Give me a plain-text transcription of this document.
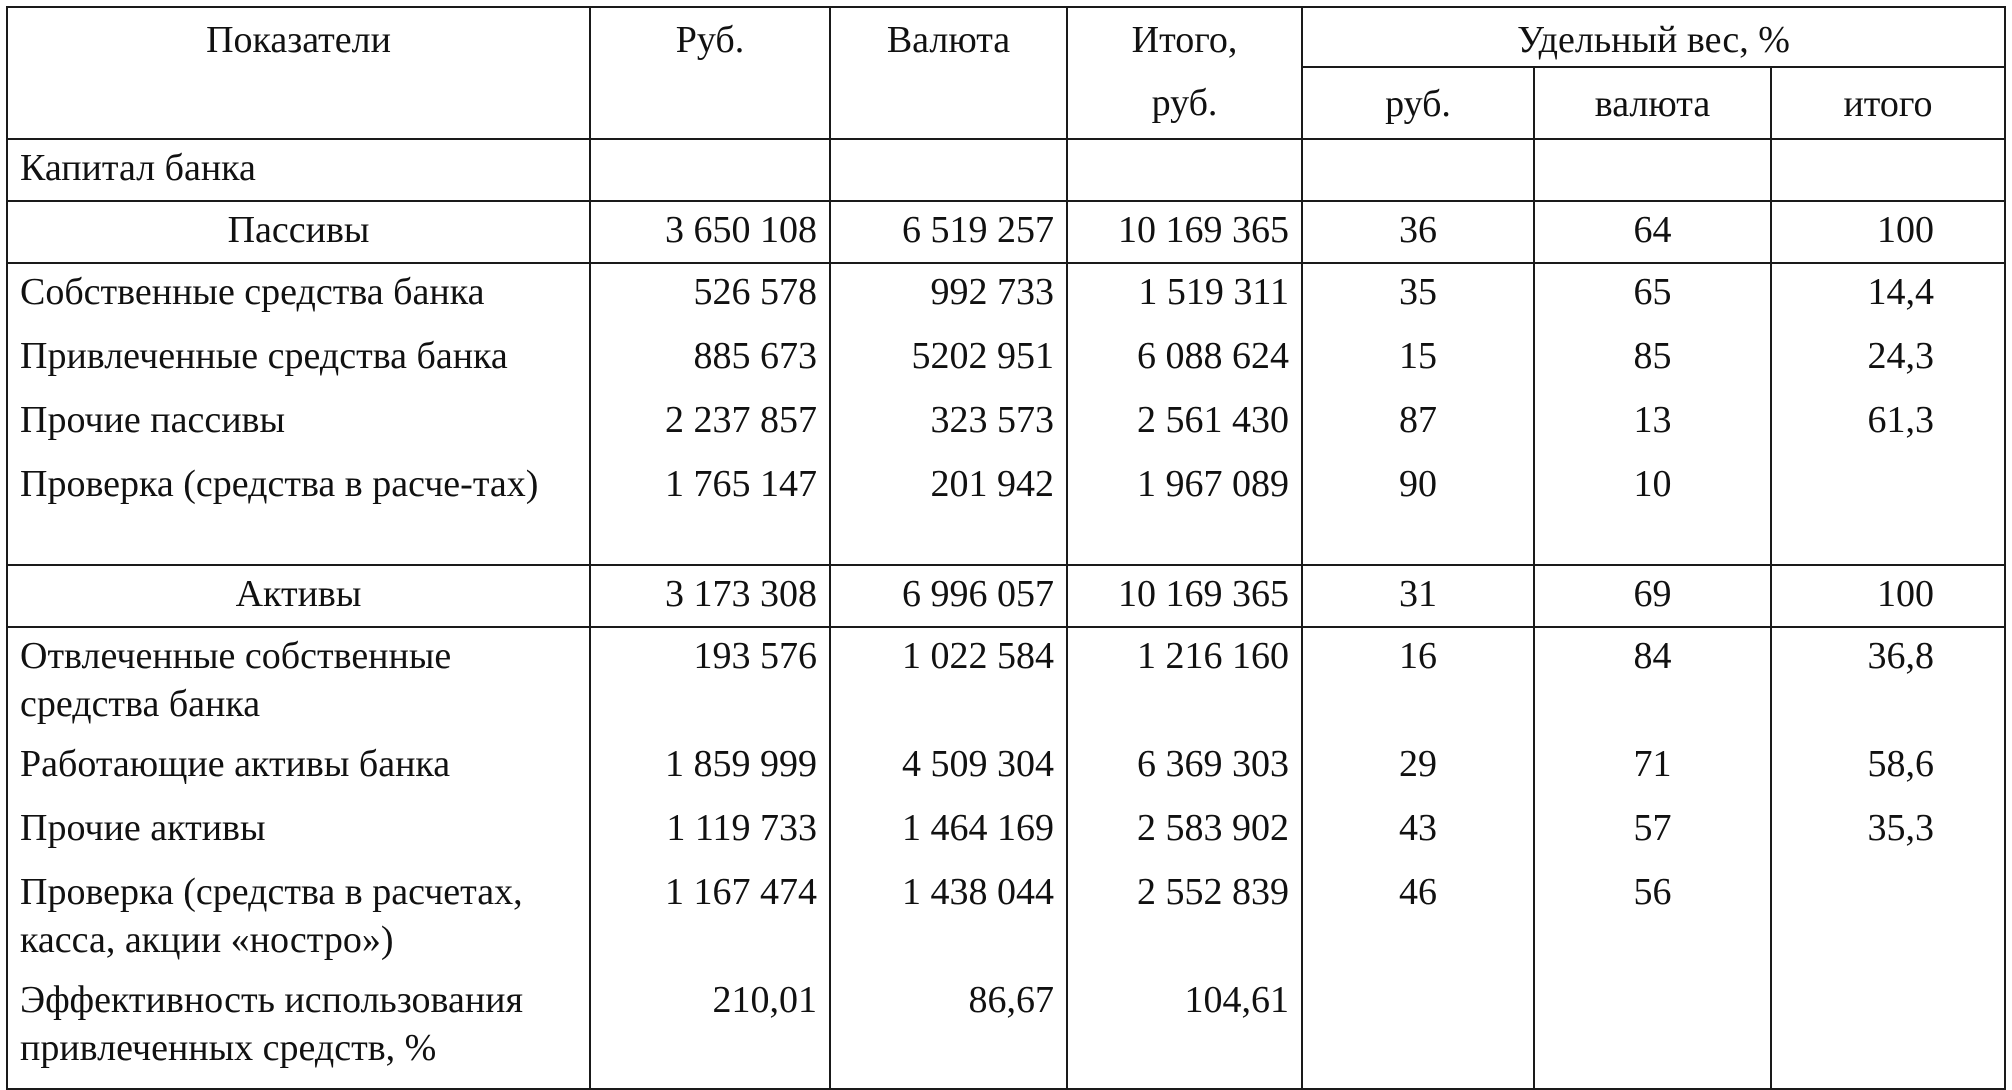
Показатели	Руб.	Валюта	Итого,	Удельный вес, %		
			руб.	руб.	валюта	итого
Капитал банка						
Пассивы	3 650 108	6 519 257	10 169 365	36	64	100
Собственные средства банка	526 578	992 733	1 519 311	35	65	14,4
Привлеченные средства банка	885 673	5202 951	6 088 624	15	85	24,3
Прочие пассивы	2 237 857	323 573	2 561 430	87	13	61,3
Проверка (средства в расче-тах)	1 765 147	201 942	1 967 089	90	10	
Активы	3 173 308	6 996 057	10 169 365	31	69	100
Отвлеченные собственные средства банка	193 576	1 022 584	1 216 160	16	84	36,8
Работающие активы банка	1 859 999	4 509 304	6 369 303	29	71	58,6
Прочие активы	1 119 733	1 464 169	2 583 902	43	57	35,3
Проверка (средства в расчетах, касса, акции «ностро»)	1 167 474	1 438 044	2 552 839	46	56	
Эффективность использования привлеченных средств, %	210,01	86,67	104,61			
